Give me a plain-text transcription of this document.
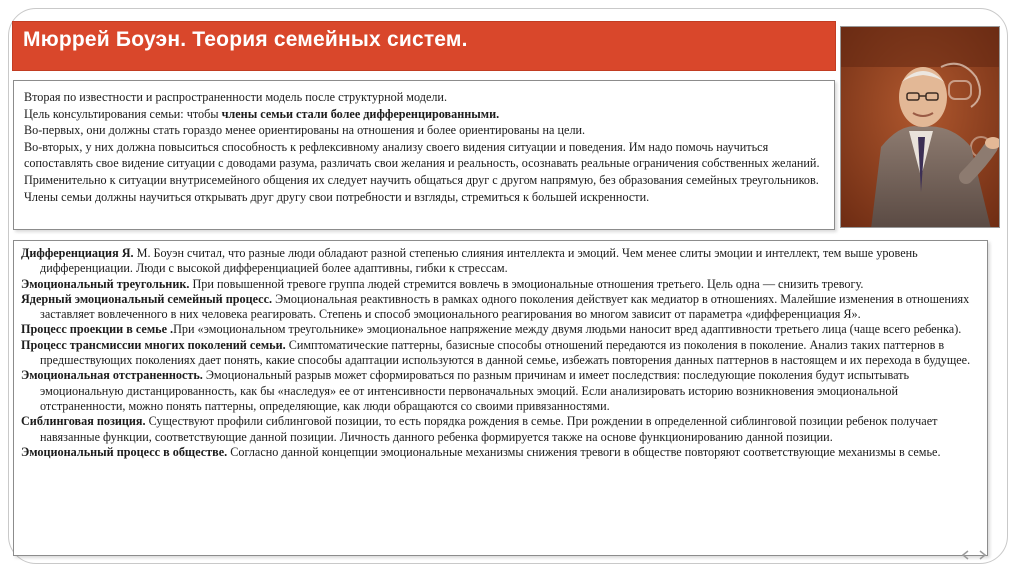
Мюррей Боуэн. Теория семейных систем.

Вторая по известности и распространенности модель после структурной модели.

Цель консультирования семьи: чтобы члены семьи стали более дифференцированными.

Во-первых, они должны стать гораздо менее ориентированы на отношения и более ориентированы на цели.

Во-вторых, у них должна повыситься способность к рефлексивному анализу своего видения ситуации и поведения. Им надо помочь научиться сопоставлять свое видение ситуации с доводами разума, различать свои желания и реальность, осознавать реальные ограничения собственных желаний.

Применительно к ситуации внутрисемейного общения их следует научить общаться друг с другом напрямую, без образования семейных треугольников. Члены семьи должны научиться открывать друг другу свои потребности и взгляды, стремиться к большей искренности.

Дифференциация Я. М. Боуэн считал, что разные люди обладают разной степенью слияния интеллекта и эмоций. Чем менее слиты эмоции и интеллект, тем выше уровень дифференциации. Люди с высокой дифференциацией более адаптивны, гибки к стрессам.

Эмоциональный треугольник. При повышенной тревоге группа людей стремится вовлечь в эмоциональные отношения третьего. Цель одна — снизить тревогу.

Ядерный эмоциональный семейный процесс. Эмоциональная реактивность в рамках одного поколения действует как медиатор в отношениях. Малейшие изменения в отношениях заставляет вовлеченного в них человека реагировать. Степень и способ эмоционального реагирования во многом зависит от параметра «дифференциация Я».

Процесс проекции в семье .При «эмоциональном треугольнике» эмоциональное напряжение между двумя людьми наносит вред адаптивности третьего лица (чаще всего ребенка).

Процесс трансмиссии многих поколений семьи. Симптоматические паттерны, базисные способы отношений передаются из поколения в поколение. Анализ таких паттернов в предшествующих поколениях дает понять, какие способы адаптации используются в данной семье, избежать повторения данных паттернов в настоящем и их перехода в будущее.

Эмоциональная отстраненность. Эмоциональный разрыв может сформироваться по разным причинам и имеет последствия: последующие поколения будут испытывать эмоциональную дистанцированность, как бы «наследуя» ее от интенсивности первоначальных эмоций. Если анализировать историю возникновения эмоциональной отстраненности, можно понять паттерны, определяющие, как люди обращаются со своими привязанностями.

Сиблинговая позиция. Существуют профили сиблинговой позиции, то есть порядка рождения в семье. При рождении в определенной сиблинговой позиции ребенок получает навязанные функции, соответствующие данной позиции. Личность данного ребенка формируется также на основе функционированию данной позиции.

Эмоциональный процесс в обществе. Согласно данной концепции эмоциональные механизмы снижения тревоги в обществе повторяют соответствующие механизмы в семье.
